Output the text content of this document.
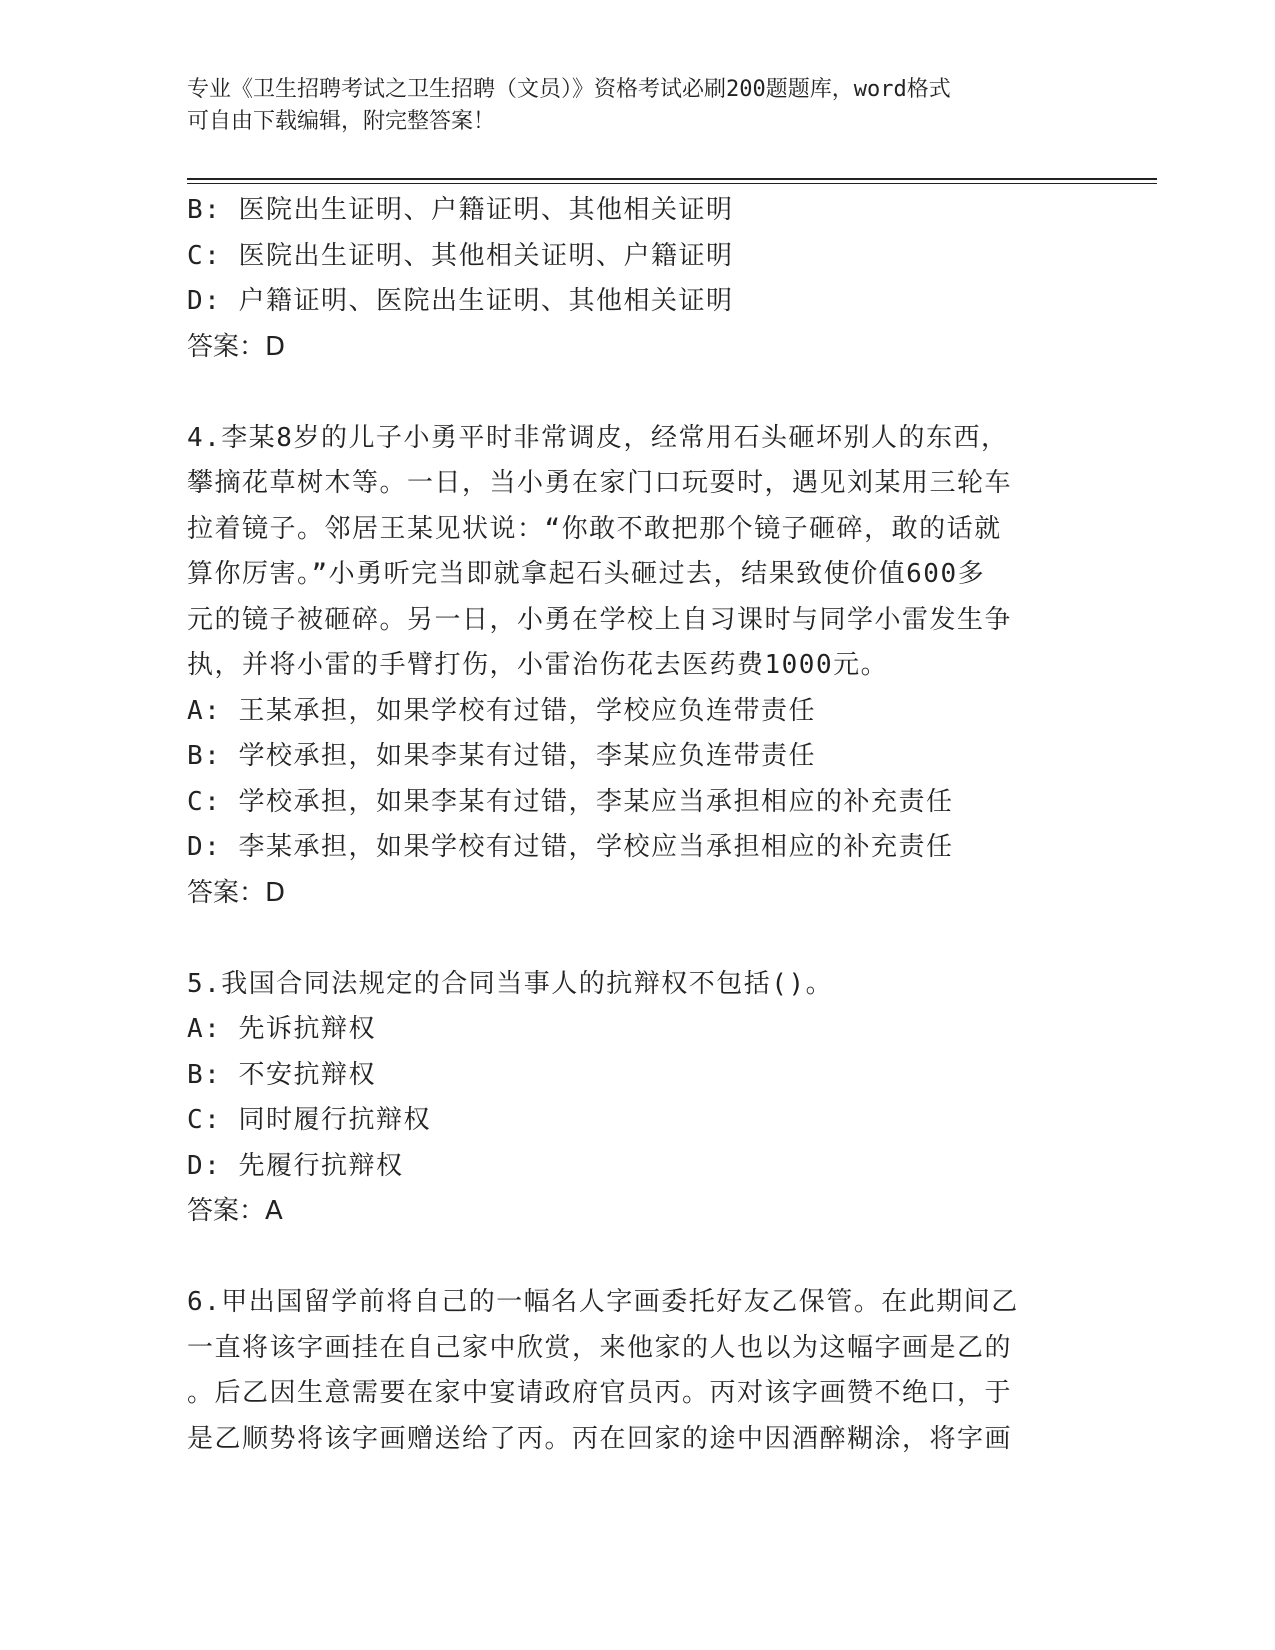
专业《卫生招聘考试之卫生招聘（文员）》资格考试必刷200题题库，word格式
可自由下载编辑，附完整答案！
B: 医院出生证明、户籍证明、其他相关证明
C: 医院出生证明、其他相关证明、户籍证明
D: 户籍证明、医院出生证明、其他相关证明
答案：D
4.李某8岁的儿子小勇平时非常调皮，经常用石头砸坏别人的东西，
攀摘花草树木等。一日，当小勇在家门口玩耍时，遇见刘某用三轮车
拉着镜子。邻居王某见状说：“你敢不敢把那个镜子砸碎，敢的话就
算你厉害。”小勇听完当即就拿起石头砸过去，结果致使价值600多
元的镜子被砸碎。另一日，小勇在学校上自习课时与同学小雷发生争
执，并将小雷的手臂打伤，小雷治伤花去医药费1000元。
A: 王某承担，如果学校有过错，学校应负连带责任
B: 学校承担，如果李某有过错，李某应负连带责任
C: 学校承担，如果李某有过错，李某应当承担相应的补充责任
D: 李某承担，如果学校有过错，学校应当承担相应的补充责任
答案：D
5.我国合同法规定的合同当事人的抗辩权不包括()。
A: 先诉抗辩权
B: 不安抗辩权
C: 同时履行抗辩权
D: 先履行抗辩权
答案：A
6.甲出国留学前将自己的一幅名人字画委托好友乙保管。在此期间乙
一直将该字画挂在自己家中欣赏，来他家的人也以为这幅字画是乙的
。后乙因生意需要在家中宴请政府官员丙。丙对该字画赞不绝口，于
是乙顺势将该字画赠送给了丙。丙在回家的途中因酒醉糊涂，将字画
